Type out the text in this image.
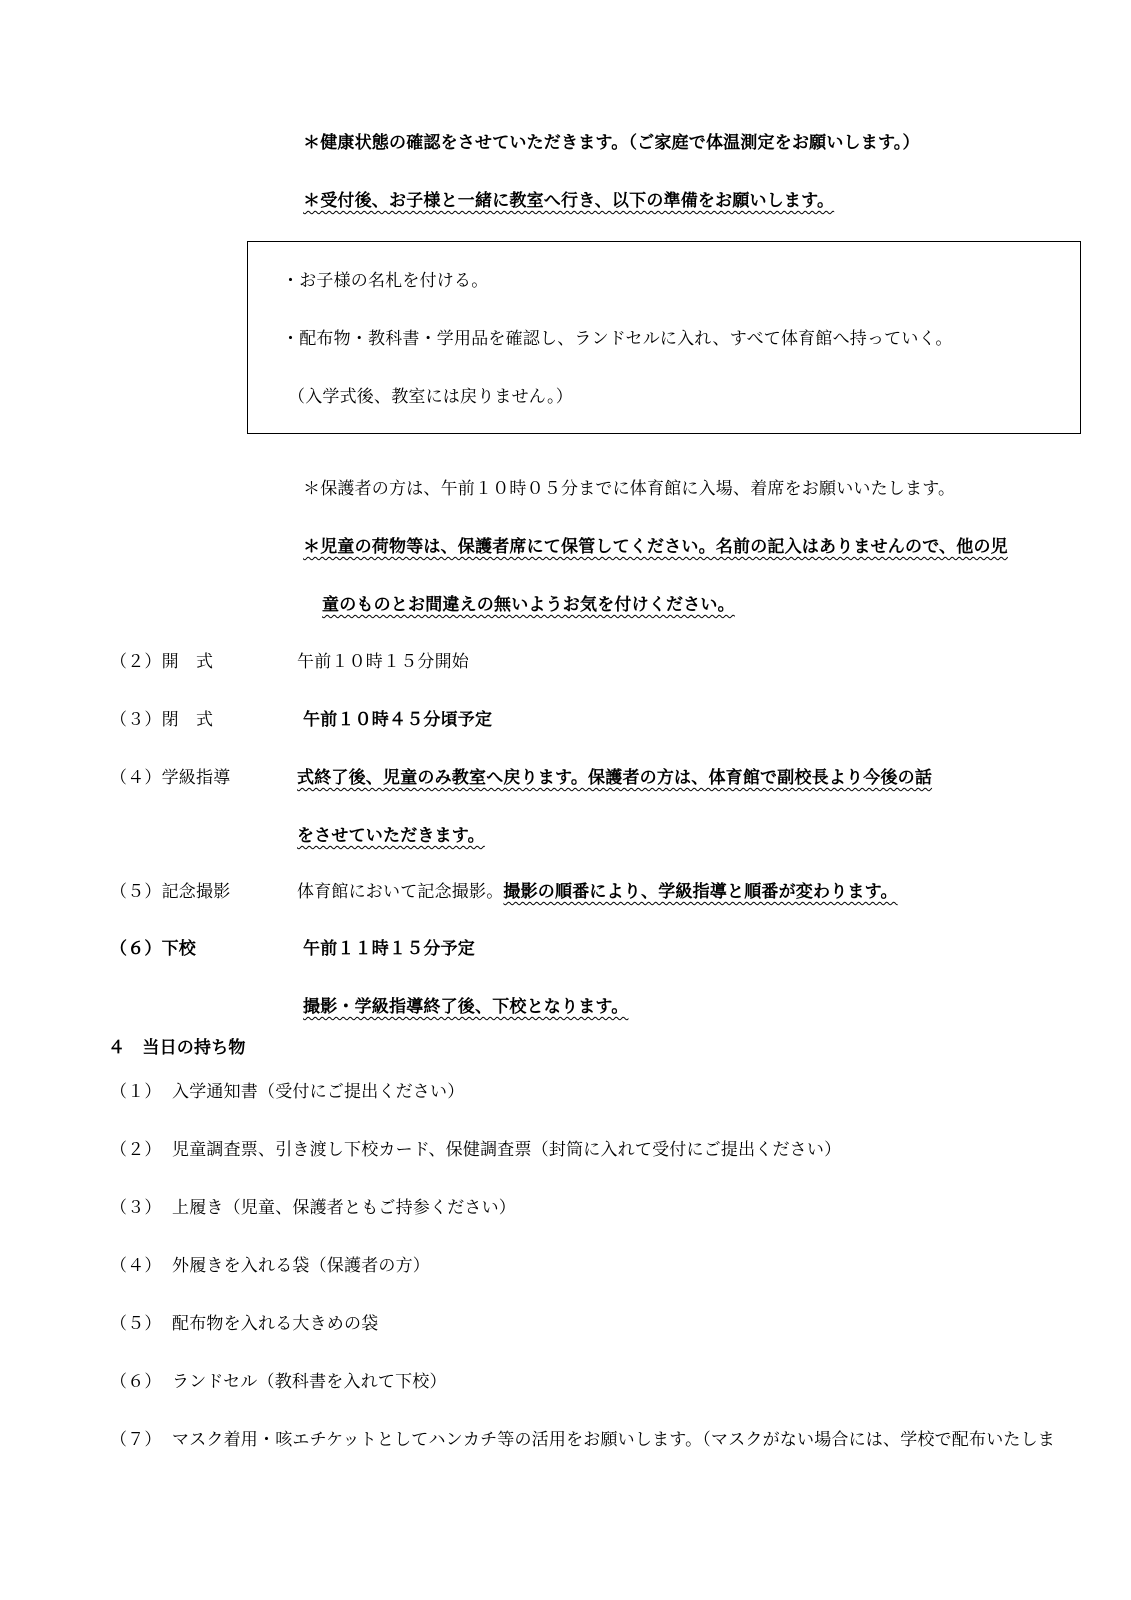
＊健康状態の確認をさせていただきます。（ご家庭で体温測定をお願いします。）
＊受付後、お子様と一緒に教室へ行き、以下の準備をお願いします。
・お子様の名札を付ける。
・配布物・教科書・学用品を確認し、ランドセルに入れ、すべて体育館へ持っていく。
（入学式後、教室には戻りません。）
＊保護者の方は、午前１０時０５分までに体育館に入場、着席をお願いいたします。
＊児童の荷物等は、保護者席にて保管してください。名前の記入はありませんので、他の児
童のものとお間違えの無いようお気を付けください。
（２）開　式	午前１０時１５分開始
（３）閉　式	午前１０時４５分頃予定
（４）学級指導	式終了後、児童のみ教室へ戻ります。保護者の方は、体育館で副校長より今後の話
をさせていただきます。
（５）記念撮影	体育館において記念撮影。撮影の順番により、学級指導と順番が変わります。
（６）下校	午前１１時１５分予定
撮影・学級指導終了後、下校となります。
４　当日の持ち物
（１） 入学通知書（受付にご提出ください）
（２） 児童調査票、引き渡し下校カード、保健調査票（封筒に入れて受付にご提出ください）
（３） 上履き（児童、保護者ともご持参ください）
（４） 外履きを入れる袋（保護者の方）
（５） 配布物を入れる大きめの袋
（６） ランドセル（教科書を入れて下校）
（７） マスク着用・咳エチケットとしてハンカチ等の活用をお願いします。（マスクがない場合には、学校で配布いたしま
